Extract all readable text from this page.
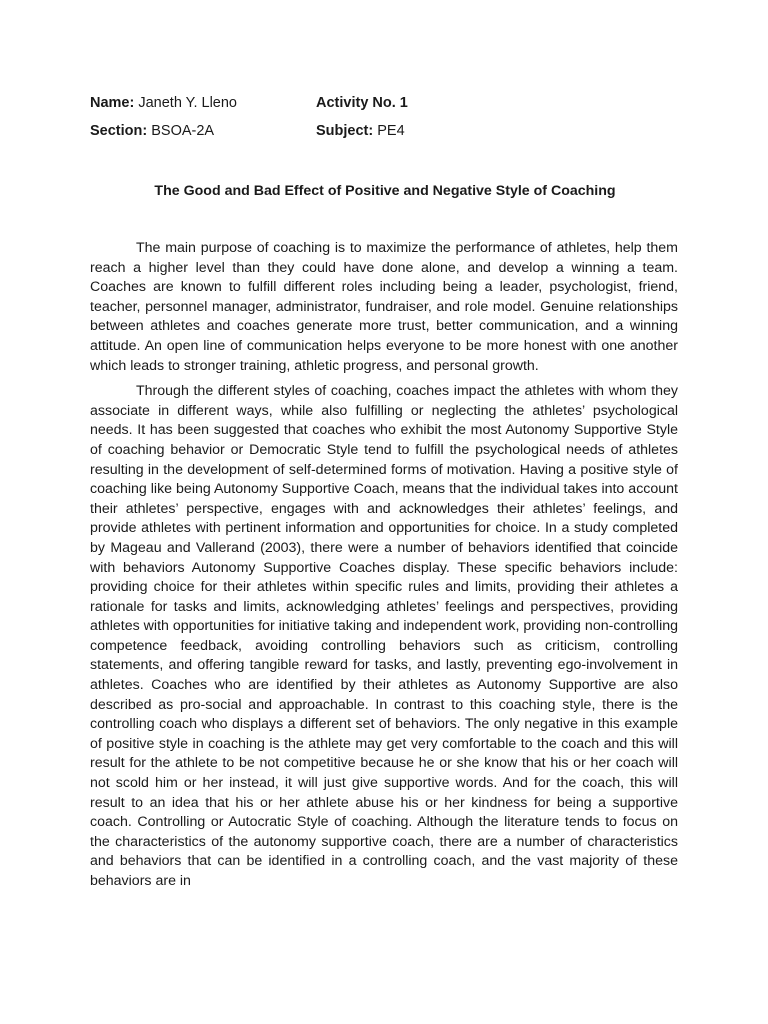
Name: Janeth Y. Lleno	Activity No. 1
Section: BSOA-2A	Subject: PE4
The Good and Bad Effect of Positive and Negative Style of Coaching

The main purpose of coaching is to maximize the performance of athletes, help them reach a higher level than they could have done alone, and develop a winning a team. Coaches are known to fulfill different roles including being a leader, psychologist, friend, teacher, personnel manager, administrator, fundraiser, and role model. Genuine relationships between athletes and coaches generate more trust, better communication, and a winning attitude. An open line of communication helps everyone to be more honest with one another which leads to stronger training, athletic progress, and personal growth.

Through the different styles of coaching, coaches impact the athletes with whom they associate in different ways, while also fulfilling or neglecting the athletes’ psychological needs. It has been suggested that coaches who exhibit the most Autonomy Supportive Style of coaching behavior or Democratic Style tend to fulfill the psychological needs of athletes resulting in the development of self-determined forms of motivation. Having a positive style of coaching like being Autonomy Supportive Coach, means that the individual takes into account their athletes’ perspective, engages with and acknowledges their athletes’ feelings, and provide athletes with pertinent information and opportunities for choice. In a study completed by Mageau and Vallerand (2003), there were a number of behaviors identified that coincide with behaviors Autonomy Supportive Coaches display. These specific behaviors include: providing choice for their athletes within specific rules and limits, providing their athletes a rationale for tasks and limits, acknowledging athletes’ feelings and perspectives, providing athletes with opportunities for initiative taking and independent work, providing non-controlling competence feedback, avoiding controlling behaviors such as criticism, controlling statements, and offering tangible reward for tasks, and lastly, preventing ego-involvement in athletes. Coaches who are identified by their athletes as Autonomy Supportive are also described as pro-social and approachable. In contrast to this coaching style, there is the controlling coach who displays a different set of behaviors. The only negative in this example of positive style in coaching is the athlete may get very comfortable to the coach and this will result for the athlete to be not competitive because he or she know that his or her coach will not scold him or her instead, it will just give supportive words. And for the coach, this will result to an idea that his or her athlete abuse his or her kindness for being a supportive coach. Controlling or Autocratic Style of coaching. Although the literature tends to focus on the characteristics of the autonomy supportive coach, there are a number of characteristics and behaviors that can be identified in a controlling coach, and the vast majority of these behaviors are in
